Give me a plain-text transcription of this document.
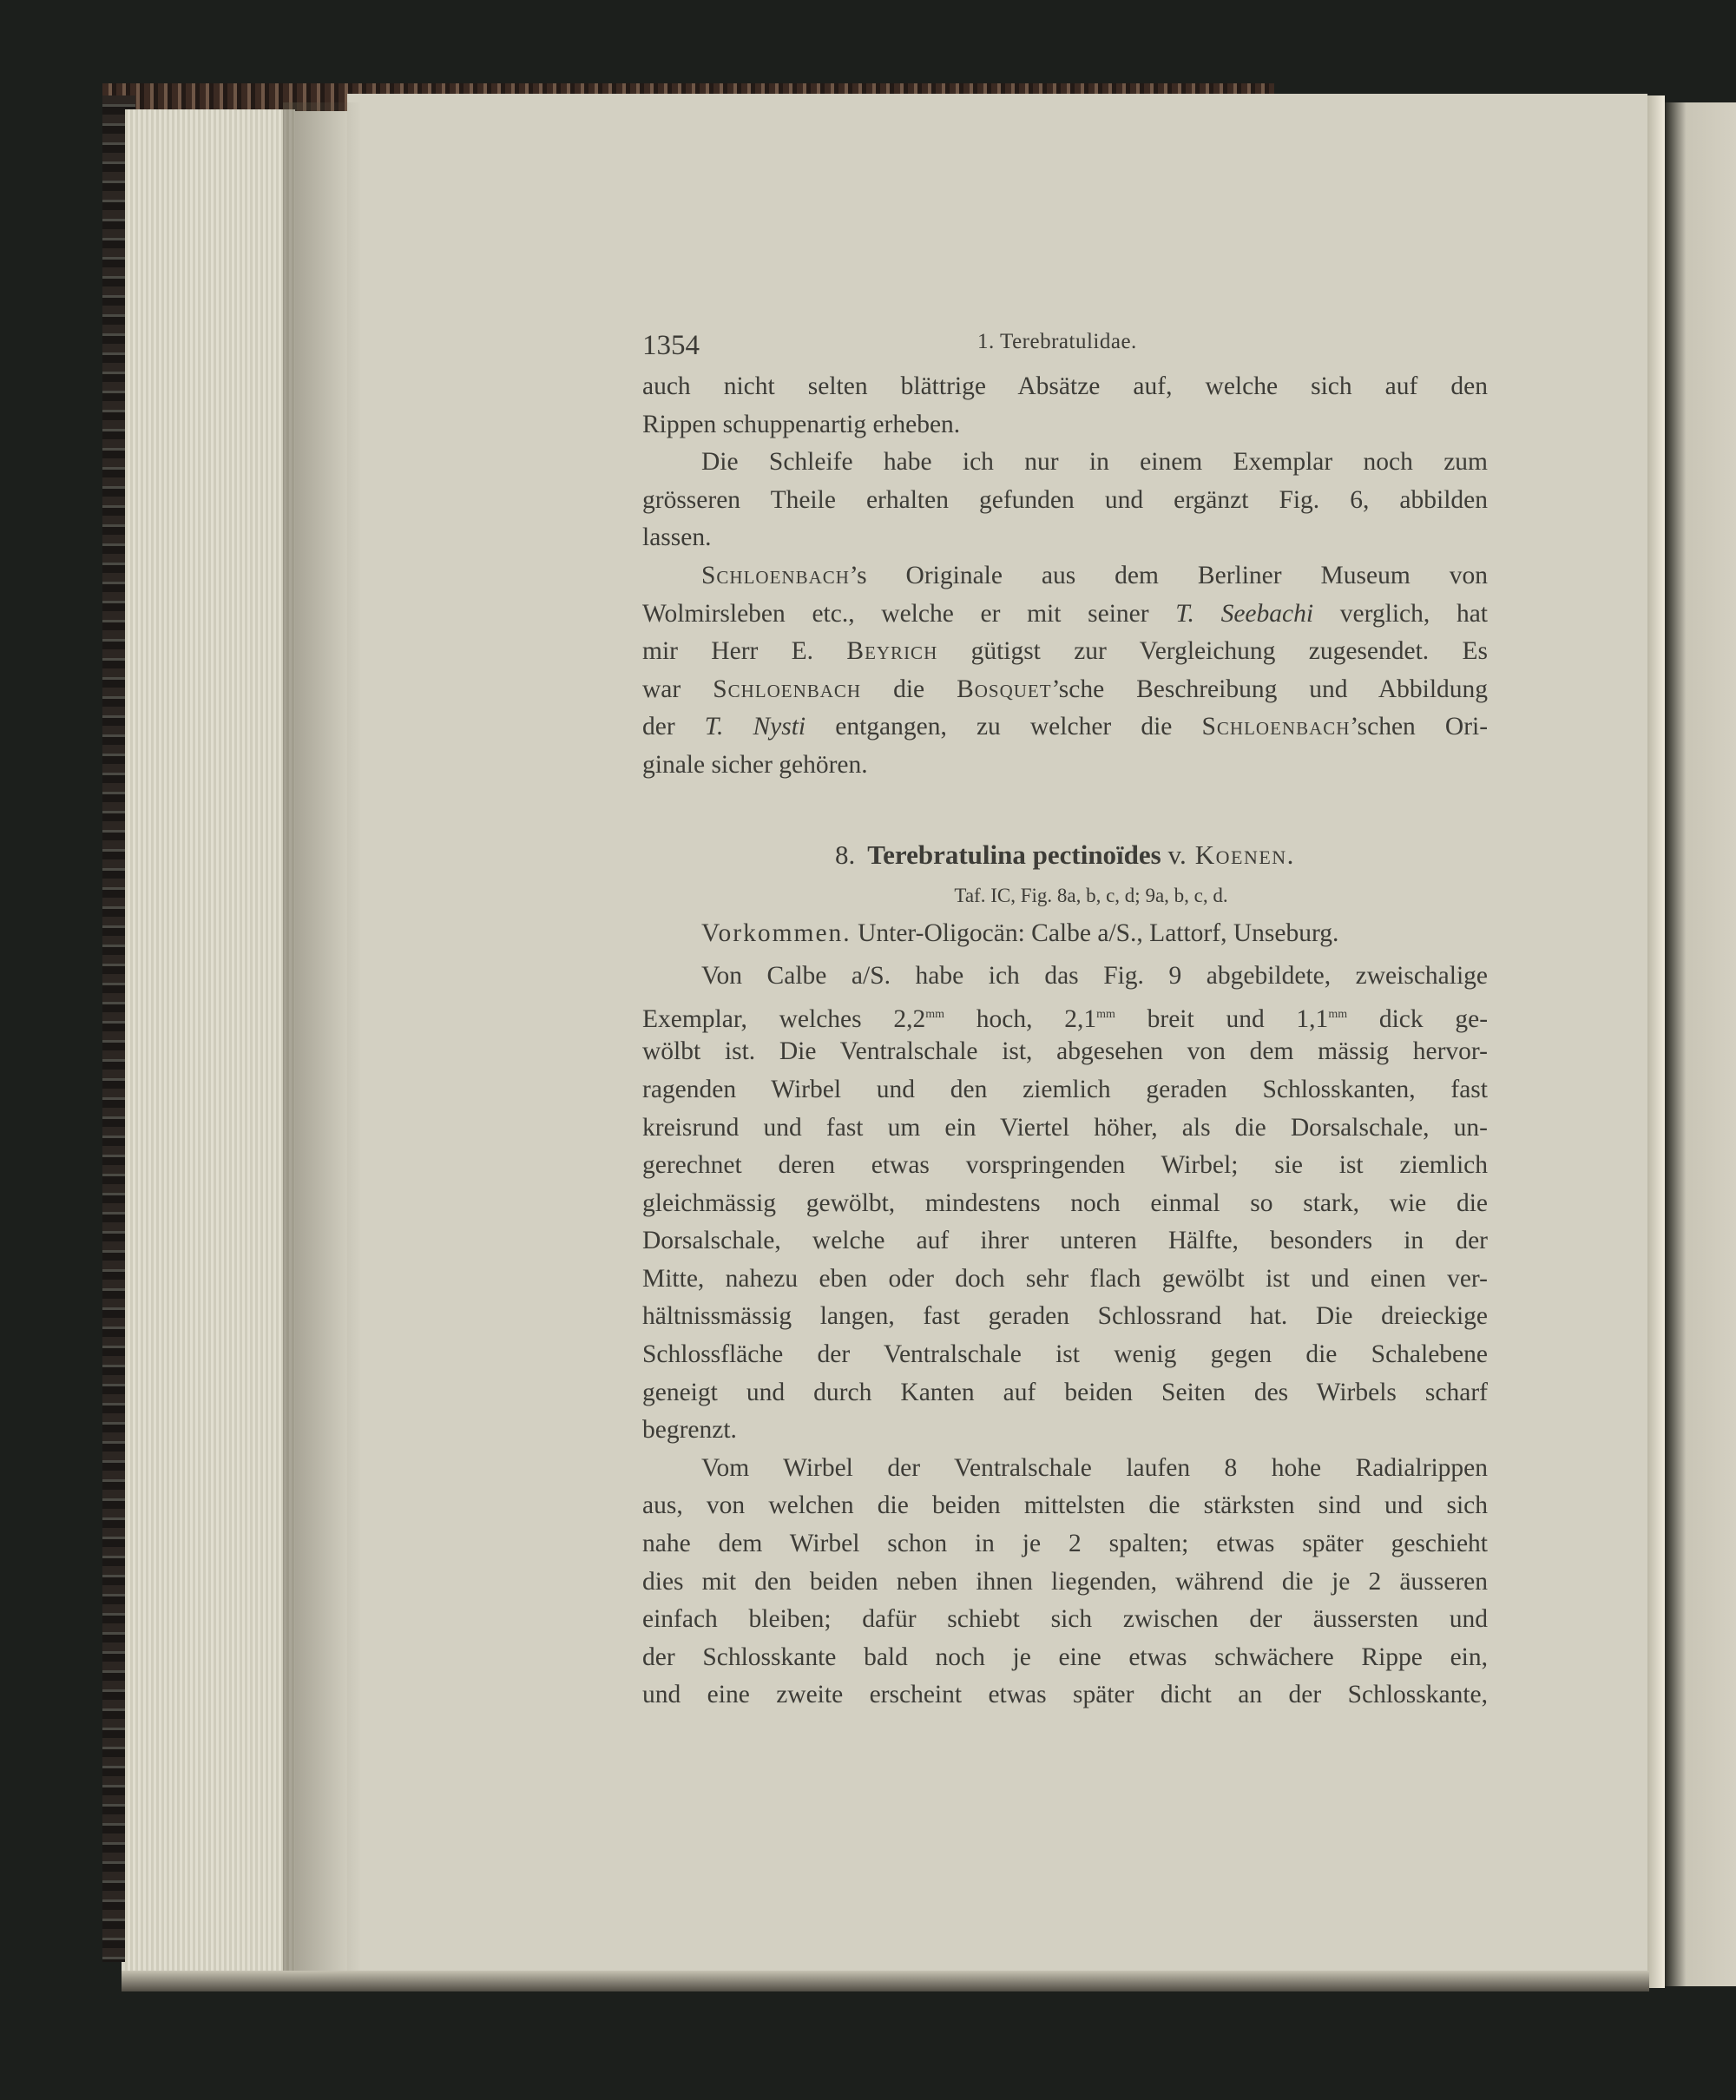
1354	1. Terebratulidae.
auch nicht selten blättrige Absätze auf, welche sich auf den
Rippen schuppenartig erheben.
Die Schleife habe ich nur in einem Exemplar noch zum
grösseren Theile erhalten gefunden und ergänzt Fig. 6, abbilden
lassen.
Schloenbach’s Originale aus dem Berliner Museum von
Wolmirsleben etc., welche er mit seiner T. Seebachi verglich, hat
mir Herr E. Beyrich gütigst zur Vergleichung zugesendet. Es
war Schloenbach die Bosquet’sche Beschreibung und Abbildung
der T. Nysti entgangen, zu welcher die Schloenbach’schen Ori-
ginale sicher gehören.
8. Terebratulina pectinoïdes v. Koenen.
Taf. IC, Fig. 8a, b, c, d; 9a, b, c, d.
Vorkommen. Unter-Oligocän: Calbe a/S., Lattorf, Unseburg.
Von Calbe a/S. habe ich das Fig. 9 abgebildete, zweischalige
Exemplar, welches $2,2^{mm}$ hoch, $2,1^{mm}$ breit und $1,1^{mm}$ dick ge-
wölbt ist. Die Ventralschale ist, abgesehen von dem mässig hervor-
ragenden Wirbel und den ziemlich geraden Schlosskanten, fast
kreisrund und fast um ein Viertel höher, als die Dorsalschale, un-
gerechnet deren etwas vorspringenden Wirbel; sie ist ziemlich
gleichmässig gewölbt, mindestens noch einmal so stark, wie die
Dorsalschale, welche auf ihrer unteren Hälfte, besonders in der
Mitte, nahezu eben oder doch sehr flach gewölbt ist und einen ver-
hältnissmässig langen, fast geraden Schlossrand hat. Die dreieckige
Schlossfläche der Ventralschale ist wenig gegen die Schalebene
geneigt und durch Kanten auf beiden Seiten des Wirbels scharf
begrenzt.
Vom Wirbel der Ventralschale laufen 8 hohe Radialrippen
aus, von welchen die beiden mittelsten die stärksten sind und sich
nahe dem Wirbel schon in je 2 spalten; etwas später geschieht
dies mit den beiden neben ihnen liegenden, während die je 2 äusseren
einfach bleiben; dafür schiebt sich zwischen der äussersten und
der Schlosskante bald noch je eine etwas schwächere Rippe ein,
und eine zweite erscheint etwas später dicht an der Schlosskante,
